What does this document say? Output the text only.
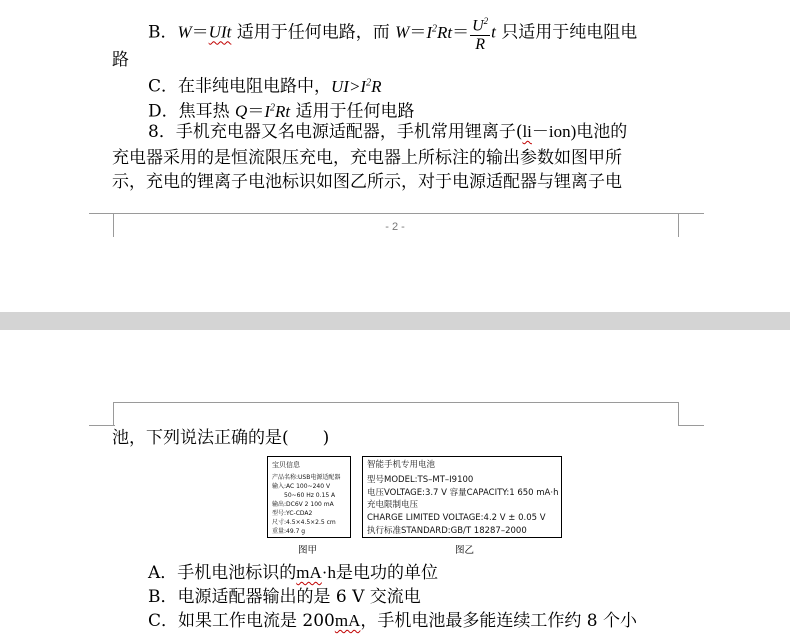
B．W＝UIt 适用于任何电路，而 $W=I^2Rt= \frac{U^2}{R}$ t 只适用于纯电阻电
路
C．在非纯电阻电路中，$UI>I^2R$
D．焦耳热 $Q=I^2Rt$ 适用于任何电路
8．手机充电器又名电源适配器，手机常用锂离子(li－ion)电池的
充电器采用的是恒流限压充电，充电器上所标注的输出参数如图甲所
示，充电的锂离子电池标识如图乙所示，对于电源适配器与锂离子电
- 2 -
池，下列说法正确的是(　　)
宝贝信息
产品名称:USB电源适配器
输入:AC 100~240 V
　　50~60 Hz 0.15 A
输出:DC6V 2 100 mA
型号:YC-CDA2
尺寸:4.5×4.5×2.5 cm
重量:49.7 g
图甲
智能手机专用电池
型号MODEL:TS–MT–I9100
电压VOLTAGE:3.7 V 容量CAPACITY:1 650 mA·h
充电限制电压
CHARGE LIMITED VOLTAGE:4.2 V ± 0.05 V
执行标准STANDARD:GB/T 18287–2000
图乙
A．手机电池标识的mA·h是电功的单位
B．电源适配器输出的是 6 V 交流电
C．如果工作电流是 200mA，手机电池最多能连续工作约 8 个小
